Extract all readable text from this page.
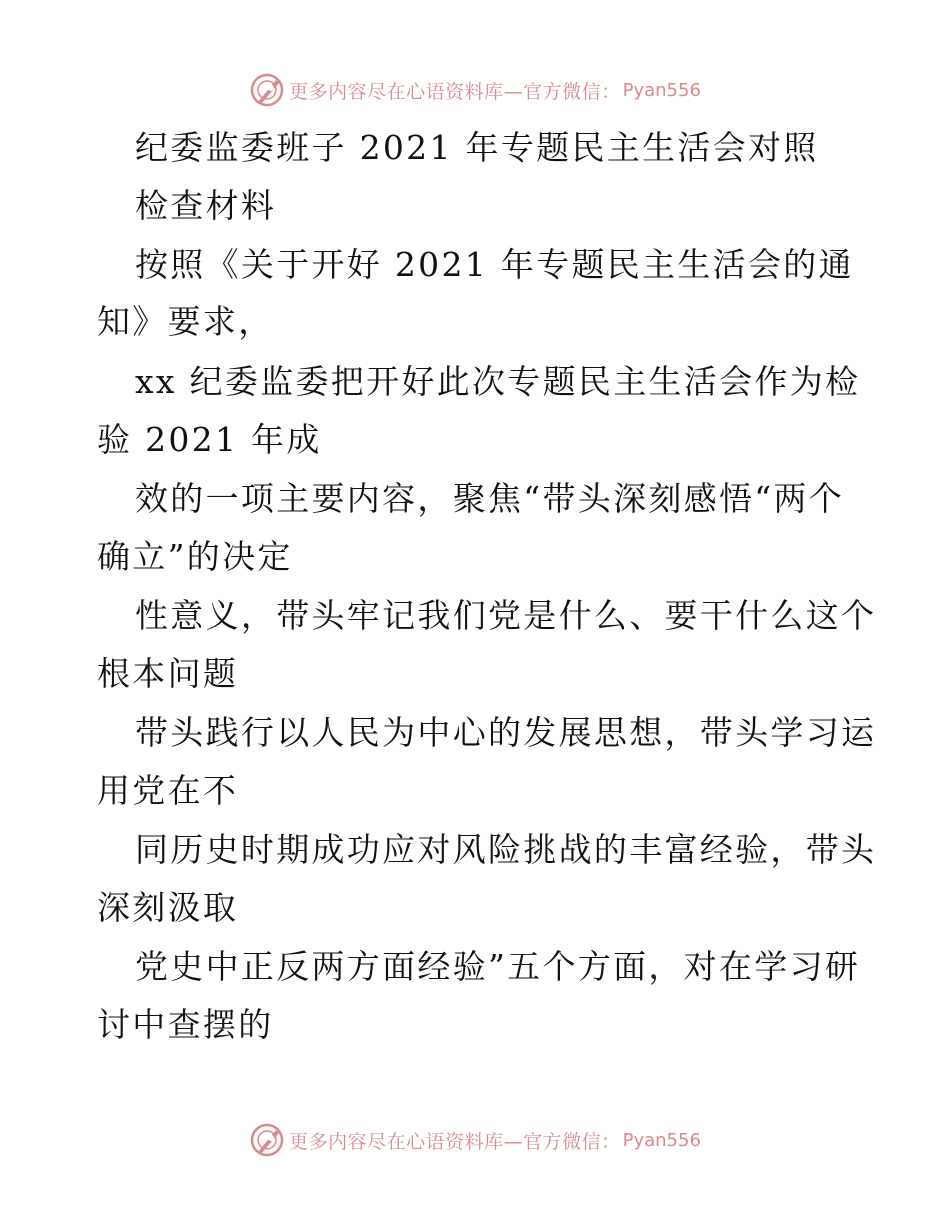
更多内容尽在心语资料库—官方微信： Pyan556
纪委监委班子 2021 年专题民主生活会对照
检查材料
按照《关于开好 2021 年专题民主生活会的通
知》要求，
xx 纪委监委把开好此次专题民主生活会作为检
验 2021 年成
效的一项主要内容，聚焦“带头深刻感悟“两个
确立”的决定
性意义，带头牢记我们党是什么、要干什么这个
根本问题
带头践行以人民为中心的发展思想，带头学习运
用党在不
同历史时期成功应对风险挑战的丰富经验，带头
深刻汲取
党史中正反两方面经验”五个方面，对在学习研
讨中查摆的
更多内容尽在心语资料库—官方微信： Pyan556
